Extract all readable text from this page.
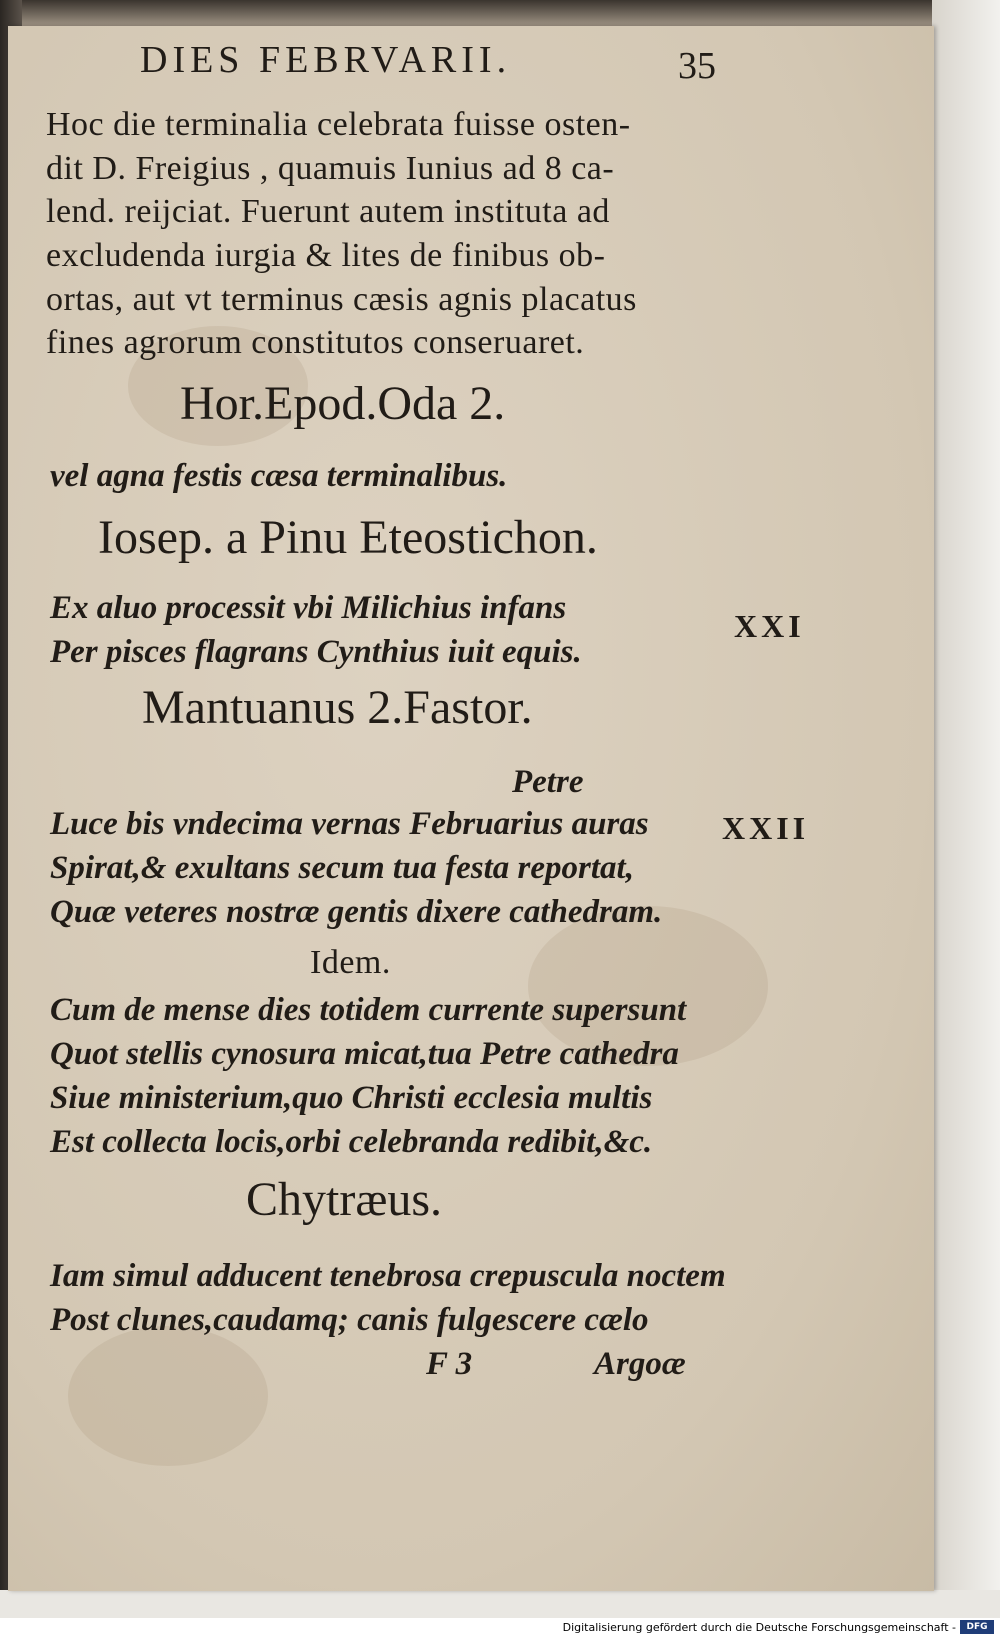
DIES FEBRVARII.	35

Hoc die terminalia celebrata fuisse osten-

dit D. Freigius , quamuis Iunius ad 8 ca-

lend. reijciat. Fuerunt autem instituta ad

excludenda iurgia & lites de finibus ob-

ortas, aut vt terminus cæsis agnis placatus

fines agrorum constitutos conseruaret.

Hor.Epod.Oda 2.

vel agna festis cæsa terminalibus.

Iosep. a Pinu Eteostichon.

Ex aluo processit vbi Milichius infans

Per pisces flagrans Cynthius iuit equis.

XXI

Mantuanus 2.Fastor.

Petre

Luce bis vndecima vernas Februarius auras

Spirat,& exultans secum tua festa reportat,

Quæ veteres nostræ gentis dixere cathedram.

XXII

Idem.

Cum de mense dies totidem currente supersunt

Quot stellis cynosura micat,tua Petre cathedra

Siue ministerium,quo Christi ecclesia multis

Est collecta locis,orbi celebranda redibit,&c.

Chytræus.

Iam simul adducent tenebrosa crepuscula noctem

Post clunes,caudamq; canis fulgescere cælo

F 3	Argoæ

Digitalisierung gefördert durch die Deutsche Forschungsgemeinschaft -	DFG
